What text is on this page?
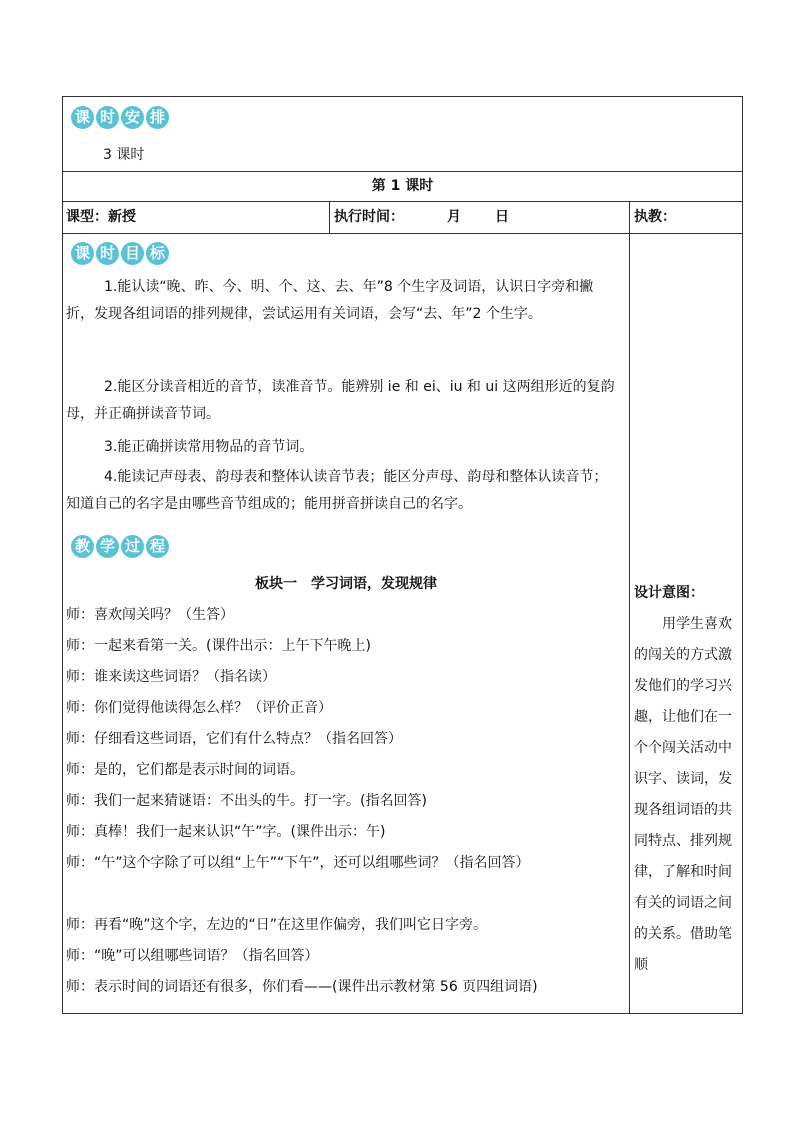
课 时 安 排
3 课时
第 1 课时
课型：新授	执行时间：	月 日	执教：
课 时 目 标

1.能认读“晚、昨、今、明、个、这、去、年”8 个生字及词语，认识日字旁和撇折，发现各组词语的排列规律，尝试运用有关词语，会写“去、年”2 个生字。

2.能区分读音相近的音节，读准音节。能辨别 ie 和 ei、iu 和 ui 这两组形近的复韵母，并正确拼读音节词。

3.能正确拼读常用物品的音节词。

4.能读记声母表、韵母表和整体认读音节表；能区分声母、韵母和整体认读音节；知道自己的名字是由哪些音节组成的；能用拼音拼读自己的名字。

教 学 过 程
板块一　学习词语，发现规律

师：喜欢闯关吗？（生答）

师：一起来看第一关。(课件出示：上午下午晚上)

师：谁来读这些词语？（指名读）

师：你们觉得他读得怎么样？（评价正音）

师：仔细看这些词语，它们有什么特点？（指名回答）

师：是的，它们都是表示时间的词语。

师：我们一起来猜谜语：不出头的牛。打一字。(指名回答)

师：真棒！我们一起来认识“午”字。(课件出示：午)

师：“午”这个字除了可以组“上午”“下午”，还可以组哪些词？（指名回答）

师：再看“晚”这个字，左边的“日”在这里作偏旁，我们叫它日字旁。

师：“晚”可以组哪些词语？（指名回答）

师：表示时间的词语还有很多，你们看——(课件出示教材第 56 页四组词语)

设计意图：
用学生喜欢的闯关的方式激发他们的学习兴趣，让他们在一个个闯关活动中识字、读词，发现各组词语的共同特点、排列规律，了解和时间有关的词语之间的关系。借助笔顺
